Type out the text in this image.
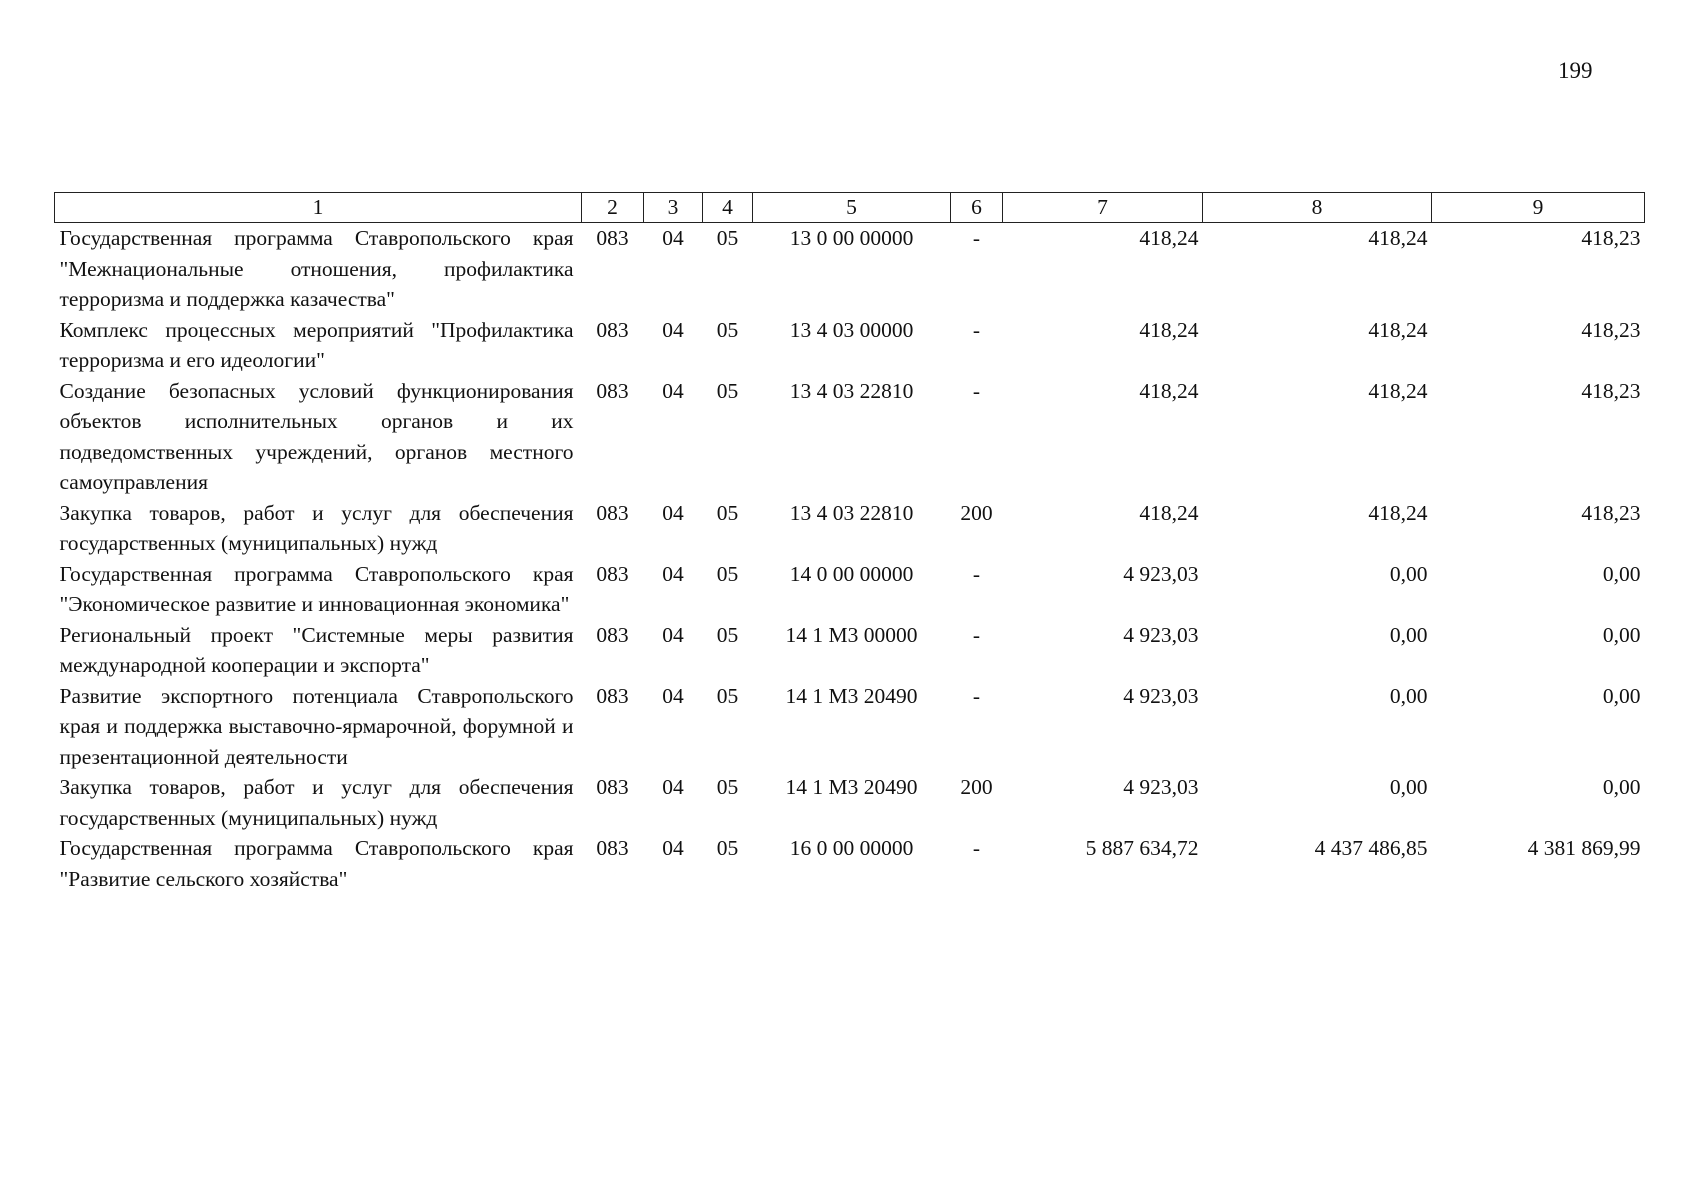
199
1	2	3	4	5	6	7	8	9
Государственная программа Ставропольского края "Межнациональные отношения, профилактика терроризма и поддержка казачества"	083	04	05	13 0 00 00000	-	418,24	418,24	418,23
Комплекс процессных мероприятий "Профилактика терроризма и его идеологии"	083	04	05	13 4 03 00000	-	418,24	418,24	418,23
Создание безопасных условий функционирования объектов исполнительных органов и их подведомственных учреждений, органов местного самоуправления	083	04	05	13 4 03 22810	-	418,24	418,24	418,23
Закупка товаров, работ и услуг для обеспечения государственных (муниципальных) нужд	083	04	05	13 4 03 22810	200	418,24	418,24	418,23
Государственная программа Ставропольского края "Экономическое развитие и инновационная экономика"	083	04	05	14 0 00 00000	-	4 923,03	0,00	0,00
Региональный проект "Системные меры развития международной кооперации и экспорта"	083	04	05	14 1 М3 00000	-	4 923,03	0,00	0,00
Развитие экспортного потенциала Ставропольского края и поддержка выставочно-ярмарочной, форумной и презентационной деятельности	083	04	05	14 1 М3 20490	-	4 923,03	0,00	0,00
Закупка товаров, работ и услуг для обеспечения государственных (муниципальных) нужд	083	04	05	14 1 М3 20490	200	4 923,03	0,00	0,00
Государственная программа Ставропольского края "Развитие сельского хозяйства"	083	04	05	16 0 00 00000	-	5 887 634,72	4 437 486,85	4 381 869,99
